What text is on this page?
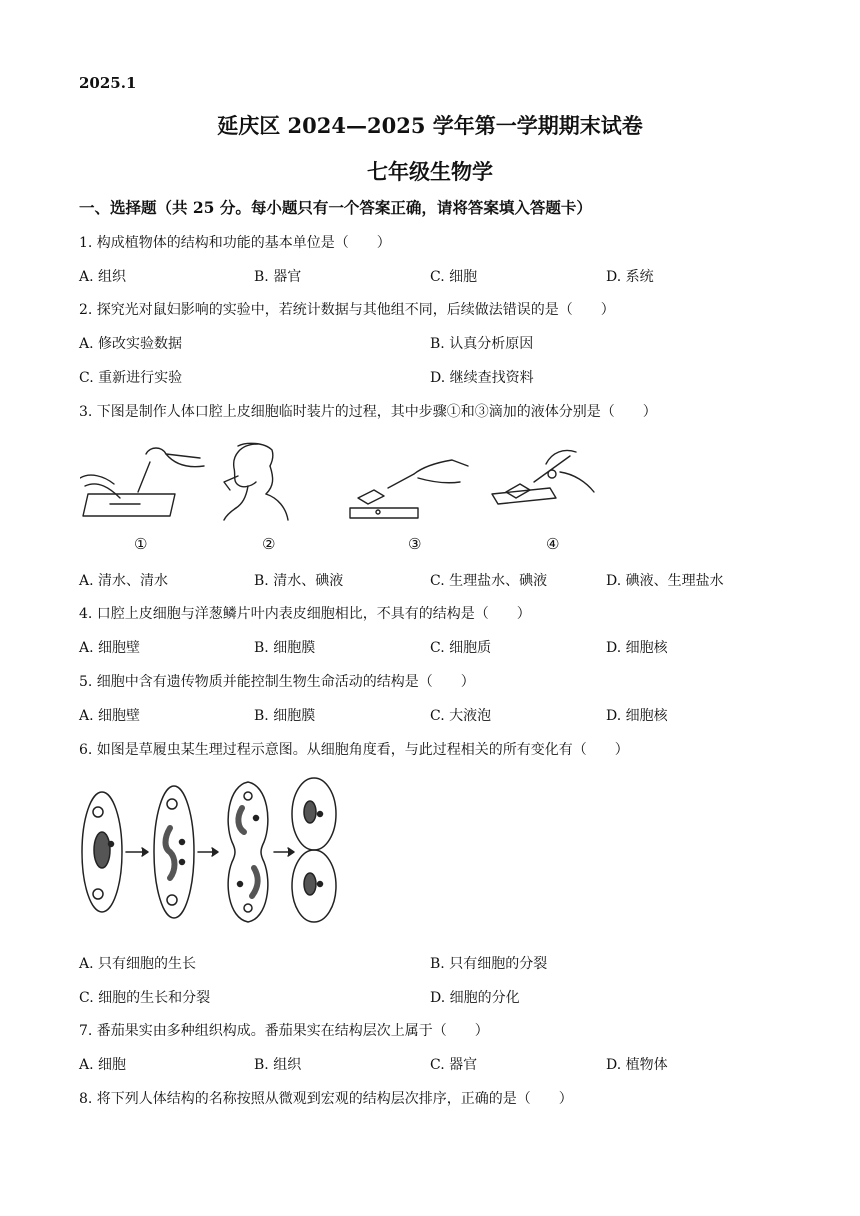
2025.1
延庆区 2024—2025 学年第一学期期末试卷
七年级生物学
一、选择题（共 25 分。每小题只有一个答案正确，请将答案填入答题卡）
1. 构成植物体的结构和功能的基本单位是（　　）
A. 组织	B. 器官	C. 细胞	D. 系统
2. 探究光对鼠妇影响的实验中，若统计数据与其他组不同，后续做法错误的是（　　）
A. 修改实验数据	B. 认真分析原因
C. 重新进行实验	D. 继续查找资料
3. 下图是制作人体口腔上皮细胞临时装片的过程，其中步骤①和③滴加的液体分别是（　　）
①	②	③	④
A. 清水、清水	B. 清水、碘液	C. 生理盐水、碘液	D. 碘液、生理盐水
4. 口腔上皮细胞与洋葱鳞片叶内表皮细胞相比，不具有的结构是（　　）
A. 细胞壁	B. 细胞膜	C. 细胞质	D. 细胞核
5. 细胞中含有遗传物质并能控制生物生命活动的结构是（　　）
A. 细胞壁	B. 细胞膜	C. 大液泡	D. 细胞核
6. 如图是草履虫某生理过程示意图。从细胞角度看，与此过程相关的所有变化有（　　）
A. 只有细胞的生长	B. 只有细胞的分裂
C. 细胞的生长和分裂	D. 细胞的分化
7. 番茄果实由多种组织构成。番茄果实在结构层次上属于（　　）
A. 细胞	B. 组织	C. 器官	D. 植物体
8. 将下列人体结构的名称按照从微观到宏观的结构层次排序，正确的是（　　）
